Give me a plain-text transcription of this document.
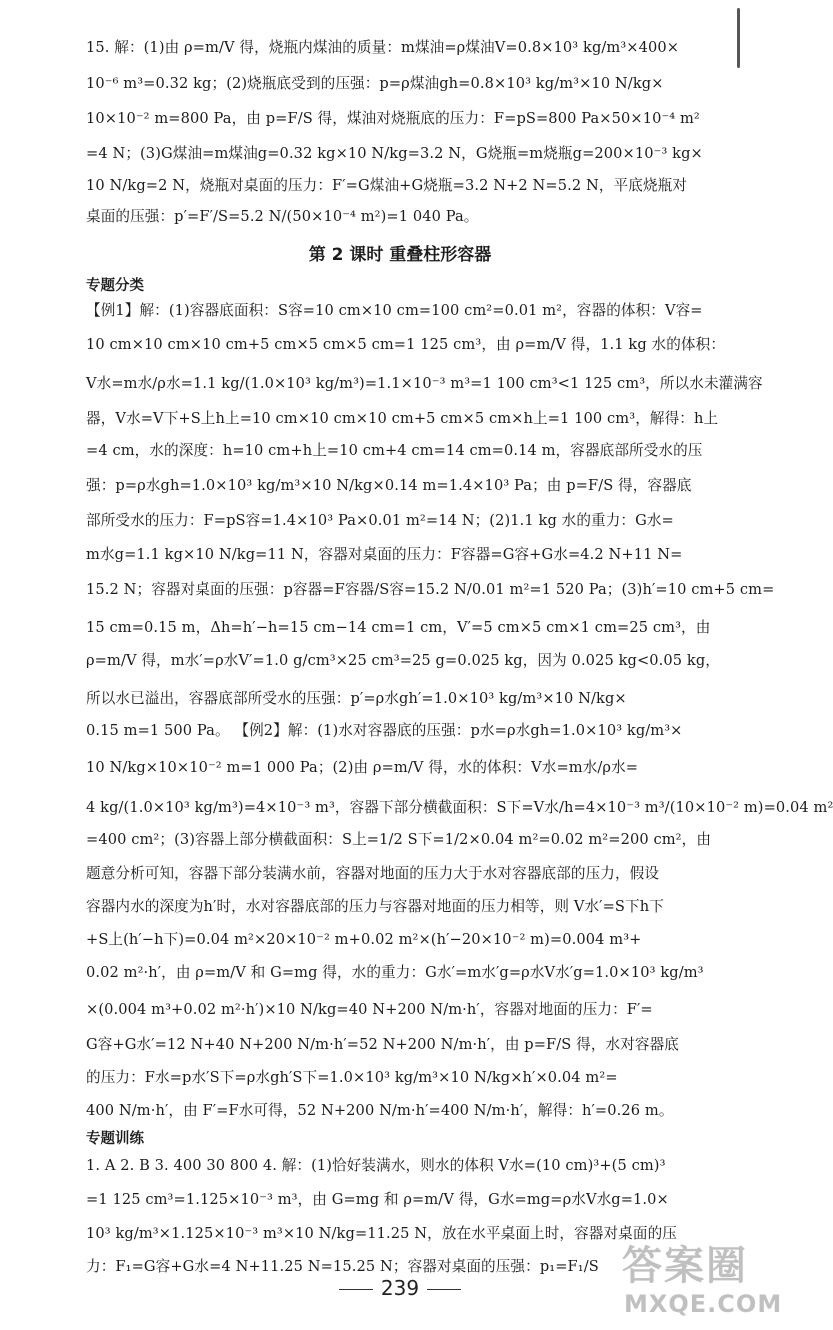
15. 解：(1)由 ρ=m/V 得，烧瓶内煤油的质量：m煤油=ρ煤油V=0.8×10³ kg/m³×400×
10⁻⁶ m³=0.32 kg；(2)烧瓶底受到的压强：p=ρ煤油gh=0.8×10³ kg/m³×10 N/kg×
10×10⁻² m=800 Pa，由 p=F/S 得，煤油对烧瓶底的压力：F=pS=800 Pa×50×10⁻⁴ m²
=4 N；(3)G煤油=m煤油g=0.32 kg×10 N/kg=3.2 N，G烧瓶=m烧瓶g=200×10⁻³ kg×
10 N/kg=2 N，烧瓶对桌面的压力：F′=G煤油+G烧瓶=3.2 N+2 N=5.2 N，平底烧瓶对
桌面的压强：p′=F′/S=5.2 N/(50×10⁻⁴ m²)=1 040 Pa。
第 2 课时 重叠柱形容器
专题分类
【例1】解：(1)容器底面积：S容=10 cm×10 cm=100 cm²=0.01 m²，容器的体积：V容=
10 cm×10 cm×10 cm+5 cm×5 cm×5 cm=1 125 cm³，由 ρ=m/V 得，1.1 kg 水的体积：
V水=m水/ρ水=1.1 kg/(1.0×10³ kg/m³)=1.1×10⁻³ m³=1 100 cm³<1 125 cm³，所以水未灌满容
器，V水=V下+S上h上=10 cm×10 cm×10 cm+5 cm×5 cm×h上=1 100 cm³，解得：h上
=4 cm，水的深度：h=10 cm+h上=10 cm+4 cm=14 cm=0.14 m，容器底部所受水的压
强：p=ρ水gh=1.0×10³ kg/m³×10 N/kg×0.14 m=1.4×10³ Pa；由 p=F/S 得，容器底
部所受水的压力：F=pS容=1.4×10³ Pa×0.01 m²=14 N；(2)1.1 kg 水的重力：G水=
m水g=1.1 kg×10 N/kg=11 N，容器对桌面的压力：F容器=G容+G水=4.2 N+11 N=
15.2 N；容器对桌面的压强：p容器=F容器/S容=15.2 N/0.01 m²=1 520 Pa；(3)h′=10 cm+5 cm=
15 cm=0.15 m，Δh=h′−h=15 cm−14 cm=1 cm，V′=5 cm×5 cm×1 cm=25 cm³，由
ρ=m/V 得，m水′=ρ水V′=1.0 g/cm³×25 cm³=25 g=0.025 kg，因为 0.025 kg<0.05 kg，
所以水已溢出，容器底部所受水的压强：p′=ρ水gh′=1.0×10³ kg/m³×10 N/kg×
0.15 m=1 500 Pa。 【例2】解：(1)水对容器底的压强：p水=ρ水gh=1.0×10³ kg/m³×
10 N/kg×10×10⁻² m=1 000 Pa；(2)由 ρ=m/V 得，水的体积：V水=m水/ρ水=
4 kg/(1.0×10³ kg/m³)=4×10⁻³ m³，容器下部分横截面积：S下=V水/h=4×10⁻³ m³/(10×10⁻² m)=0.04 m²
=400 cm²；(3)容器上部分横截面积：S上=1/2 S下=1/2×0.04 m²=0.02 m²=200 cm²，由
题意分析可知，容器下部分装满水前，容器对地面的压力大于水对容器底部的压力，假设
容器内水的深度为h′时，水对容器底部的压力与容器对地面的压力相等，则 V水′=S下h下
+S上(h′−h下)=0.04 m²×20×10⁻² m+0.02 m²×(h′−20×10⁻² m)=0.004 m³+
0.02 m²·h′，由 ρ=m/V 和 G=mg 得，水的重力：G水′=m水′g=ρ水V水′g=1.0×10³ kg/m³
×(0.004 m³+0.02 m²·h′)×10 N/kg=40 N+200 N/m·h′，容器对地面的压力：F′=
G容+G水′=12 N+40 N+200 N/m·h′=52 N+200 N/m·h′，由 p=F/S 得，水对容器底
的压力：F水=p水′S下=ρ水gh′S下=1.0×10³ kg/m³×10 N/kg×h′×0.04 m²=
400 N/m·h′，由 F′=F水可得，52 N+200 N/m·h′=400 N/m·h′，解得：h′=0.26 m。
专题训练
1. A 2. B 3. 400 30 800 4. 解：(1)恰好装满水，则水的体积 V水=(10 cm)³+(5 cm)³
=1 125 cm³=1.125×10⁻³ m³，由 G=mg 和 ρ=m/V 得，G水=mg=ρ水V水g=1.0×
10³ kg/m³×1.125×10⁻³ m³×10 N/kg=11.25 N，放在水平桌面上时，容器对桌面的压
力：F₁=G容+G水=4 N+11.25 N=15.25 N；容器对桌面的压强：p₁=F₁/S
239	答案圈
MXQE.COM
